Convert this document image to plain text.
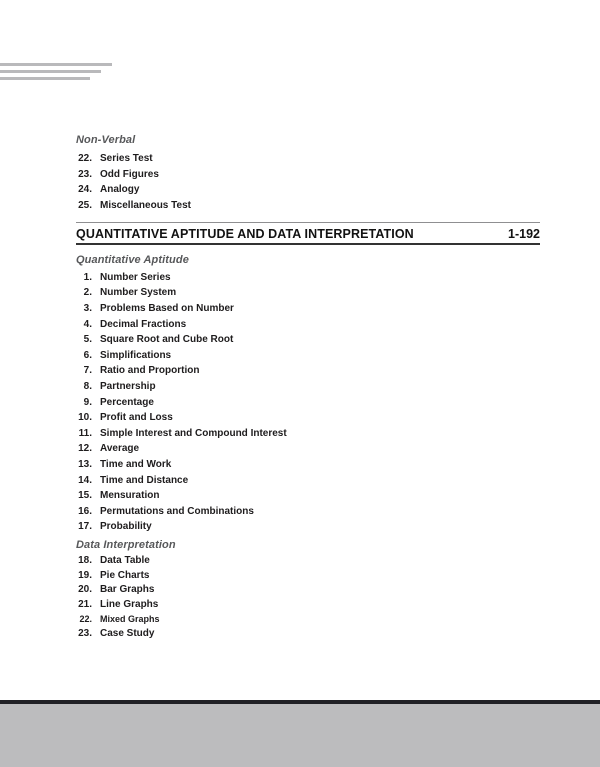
Non-Verbal
22. Series Test
23. Odd Figures
24. Analogy
25. Miscellaneous Test
QUANTITATIVE APTITUDE AND DATA INTERPRETATION	1-192
Quantitative Aptitude
1. Number Series
2. Number System
3. Problems Based on Number
4. Decimal Fractions
5. Square Root and Cube Root
6. Simplifications
7. Ratio and Proportion
8. Partnership
9. Percentage
10. Profit and Loss
11. Simple Interest and Compound Interest
12. Average
13. Time and Work
14. Time and Distance
15. Mensuration
16. Permutations and Combinations
17. Probability
Data Interpretation
18. Data Table
19. Pie Charts
20. Bar Graphs
21. Line Graphs
22. Mixed Graphs
23. Case Study
